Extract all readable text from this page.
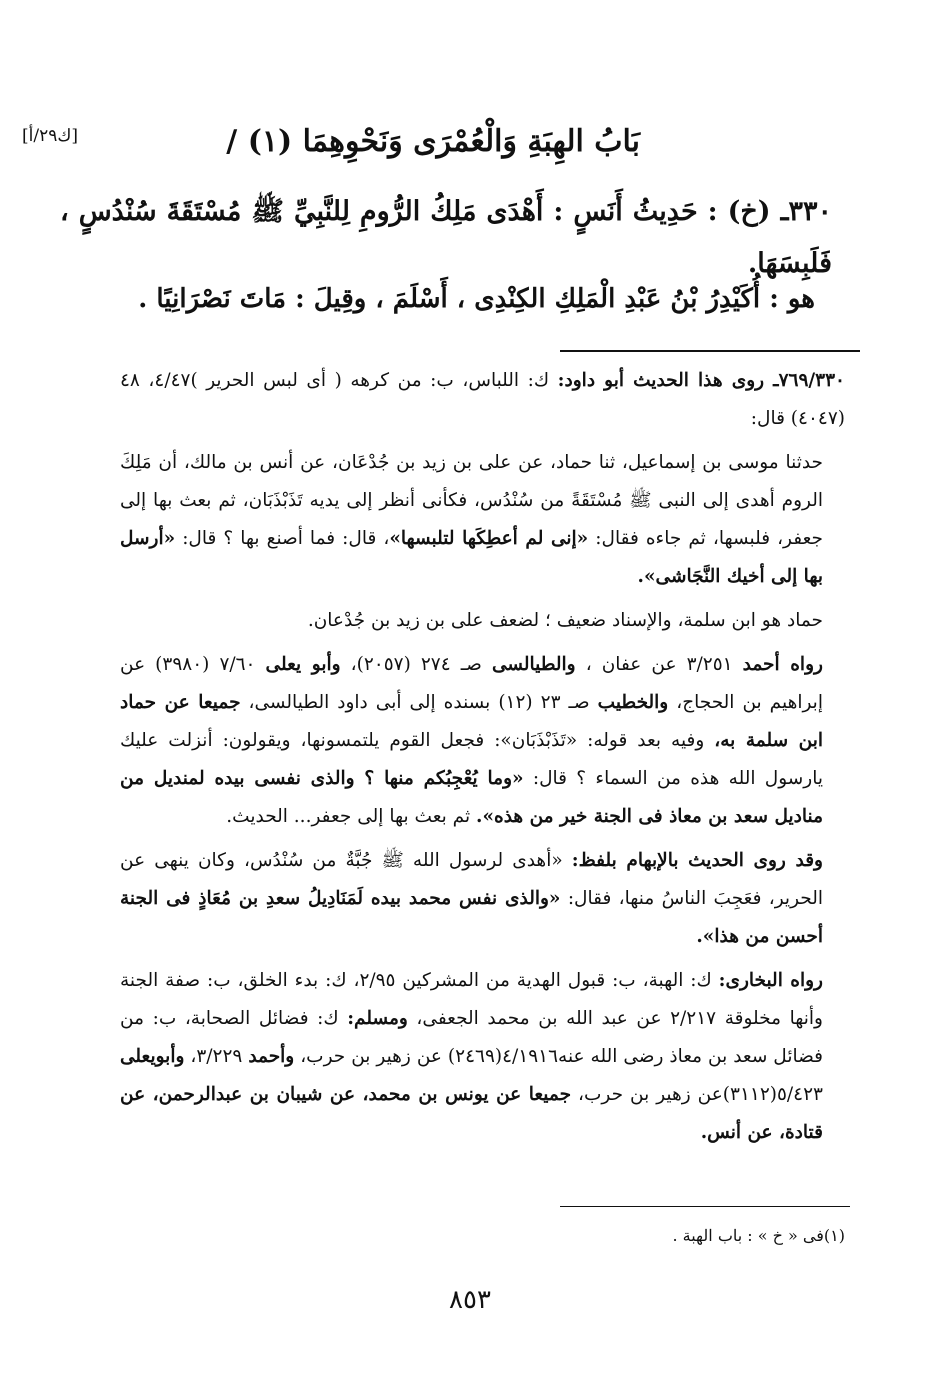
[ك٢٩/أ]	بَابُ الهِبَةِ وَالْعُمْرَى وَنَحْوِهِمَا (١) /
٣٣٠ـ (خ) : حَدِيثُ أَنَسٍ : أَهْدَى مَلِكُ الرُّومِ لِلنَّبِيِّ ﷺ مُسْتَقَةَ سُنْدُسٍ ، فَلَبِسَهَا.
هو : أُكَيْدِرُ بْنُ عَبْدِ الْمَلِكِ الكِنْدِى ، أَسْلَمَ ، وقِيلَ : مَاتَ نَصْرَانِيًا .

٧٦٩/٣٣٠ـ روى هذا الحديث أبو داود: ك: اللباس، ب: من كرهه ( أى لبس الحرير )٤/٤٧، ٤٨ (٤٠٤٧) قال:

حدثنا موسى بن إسماعيل، ثنا حماد، عن على بن زيد بن جُدْعَان، عن أنس بن مالك، أن مَلِكَ الروم أهدى إلى النبى ﷺ مُسْتَقَةً من سُنْدُس، فكأنى أنظر إلى يديه تَذَبْذَبَان، ثم بعث بها إلى جعفر، فلبسها، ثم جاءه فقال: «إنى لم أعطِكَها لتلبسها»، قال: فما أصنع بها ؟ قال: «أرسل بها إلى أخيك النَّجَاشى».

حماد هو ابن سلمة، والإسناد ضعيف ؛ لضعف على بن زيد بن جُدْعان.

رواه أحمد ٣/٢٥١ عن عفان ، والطيالسى صـ ٢٧٤ (٢٠٥٧)، وأبو يعلى ٧/٦٠ (٣٩٨٠) عن إبراهيم بن الحجاج، والخطيب صـ ٢٣ (١٢) بسنده إلى أبى داود الطيالسى، جميعا عن حماد ابن سلمة به، وفيه بعد قوله: «تَذَبْذَبَان»: فجعل القوم يلتمسونها، ويقولون: أنزلت عليك يارسول الله هذه من السماء ؟ قال: «وما يُعْجِبُكم منها ؟ والذى نفسى بيده لمنديل من مناديل سعد بن معاذ فى الجنة خير من هذه». ثم بعث بها إلى جعفر... الحديث.

وقد روى الحديث بالإبهام بلفظ: «أهدى لرسول الله ﷺ جُبَّةٌ من سُنْدُس، وكان ينهى عن الحرير، فعَجِبَ الناسُ منها، فقال: «والذى نفس محمد بيده لَمَنَادِيلُ سعدِ بن مُعَاذٍ فى الجنة أحسن من هذا».

رواه البخارى: ك: الهبة، ب: قبول الهدية من المشركين ٢/٩٥، ك: بدء الخلق، ب: صفة الجنة وأنها مخلوقة ٢/٢١٧ عن عبد الله بن محمد الجعفى، ومسلم: ك: فضائل الصحابة، ب: من فضائل سعد بن معاذ رضى الله عنه٤/١٩١٦(٢٤٦٩) عن زهير بن حرب، وأحمد ٣/٢٢٩، وأبويعلى ٥/٤٢٣(٣١١٢)عن زهير بن حرب، جميعا عن يونس بن محمد، عن شيبان بن عبدالرحمن، عن قتادة، عن أنس.

(١)فى « خ » : باب الهبة .
٨٥٣
